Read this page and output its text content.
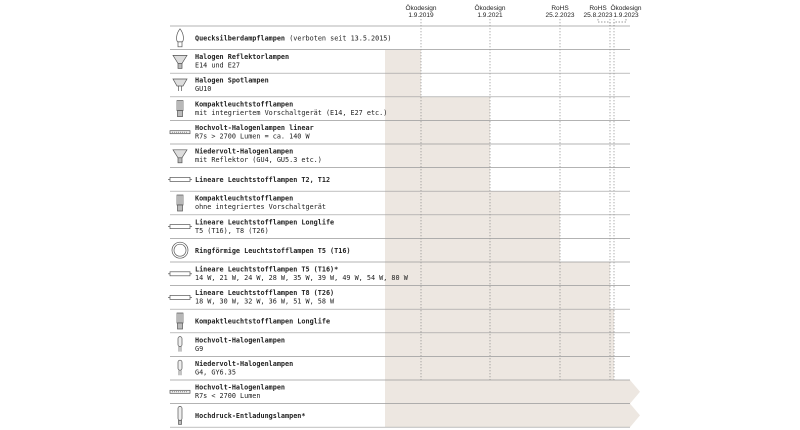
Ökodesign
1.9.2019
Ökodesign
1.9.2021
RoHS
25.2.2023
RoHS
25.8.2023
Ökodesign
1.9.2023
Quecksilberdampflampen (verboten seit 13.5.2015)
Halogen Reflektorlampen
E14 und E27
Halogen Spotlampen
GU10
Kompaktleuchtstofflampen
mit integriertem Vorschaltgerät (E14, E27 etc.)
Hochvolt-Halogenlampen linear
R7s > 2700 Lumen = ca. 140 W
Niedervolt-Halogenlampen
mit Reflektor (GU4, GU5.3 etc.)
Lineare Leuchtstofflampen T2, T12
Kompaktleuchtstofflampen
ohne integriertes Vorschaltgerät
Lineare Leuchtstofflampen Longlife
T5 (T16), T8 (T26)
Ringförmige Leuchtstofflampen T5 (T16)
Lineare Leuchtstofflampen T5 (T16)*
14 W, 21 W, 24 W, 28 W, 35 W, 39 W, 49 W, 54 W, 80 W
Lineare Leuchtstofflampen T8 (T26)
18 W, 30 W, 32 W, 36 W, 51 W, 58 W
Kompaktleuchtstofflampen Longlife
Hochvolt-Halogenlampen
G9
Niedervolt-Halogenlampen
G4, GY6.35
Hochvolt-Halogenlampen
R7s < 2700 Lumen
Hochdruck-Entladungslampen*
